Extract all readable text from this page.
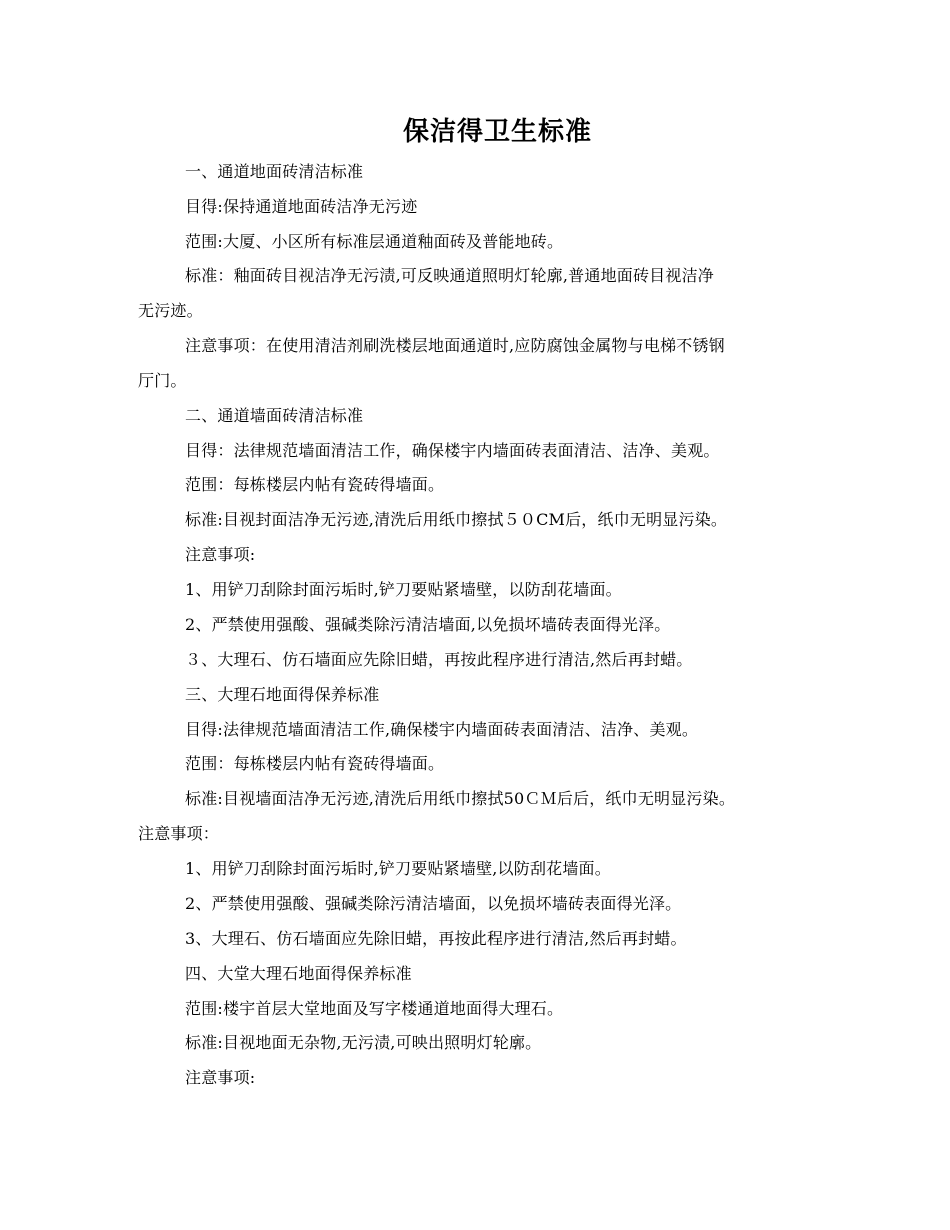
保洁得卫生标准

一、通道地面砖清洁标准

目得:保持通道地面砖洁净无污迹

范围:大厦、小区所有标准层通道釉面砖及普能地砖。

标准：釉面砖目视洁净无污渍,可反映通道照明灯轮廓,普通地面砖目视洁净

无污迹。

注意事项：在使用清洁剂刷洗楼层地面通道时,应防腐蚀金属物与电梯不锈钢

厅门。

二、通道墙面砖清洁标准

目得：法律规范墙面清洁工作，确保楼宇内墙面砖表面清洁、洁净、美观。

范围：每栋楼层内帖有瓷砖得墙面。

标准:目视封面洁净无污迹,清洗后用纸巾擦拭５０CM后，纸巾无明显污染。

注意事项:

1、用铲刀刮除封面污垢时,铲刀要贴紧墙壁，以防刮花墙面。

2、严禁使用强酸、强碱类除污清洁墙面,以免损坏墙砖表面得光泽。

３、大理石、仿石墙面应先除旧蜡，再按此程序进行清洁,然后再封蜡。

三、大理石地面得保养标准

目得:法律规范墙面清洁工作,确保楼宇内墙面砖表面清洁、洁净、美观。

范围：每栋楼层内帖有瓷砖得墙面。

标准:目视墙面洁净无污迹,清洗后用纸巾擦拭50ＣＭ后后，纸巾无明显污染。

注意事项：

1、用铲刀刮除封面污垢时,铲刀要贴紧墙壁,以防刮花墙面。

2、严禁使用强酸、强碱类除污清洁墙面，以免损坏墙砖表面得光泽。

3、大理石、仿石墙面应先除旧蜡，再按此程序进行清洁,然后再封蜡。

四、大堂大理石地面得保养标准

范围:楼宇首层大堂地面及写字楼通道地面得大理石。

标准:目视地面无杂物,无污渍,可映出照明灯轮廓。

注意事项:
